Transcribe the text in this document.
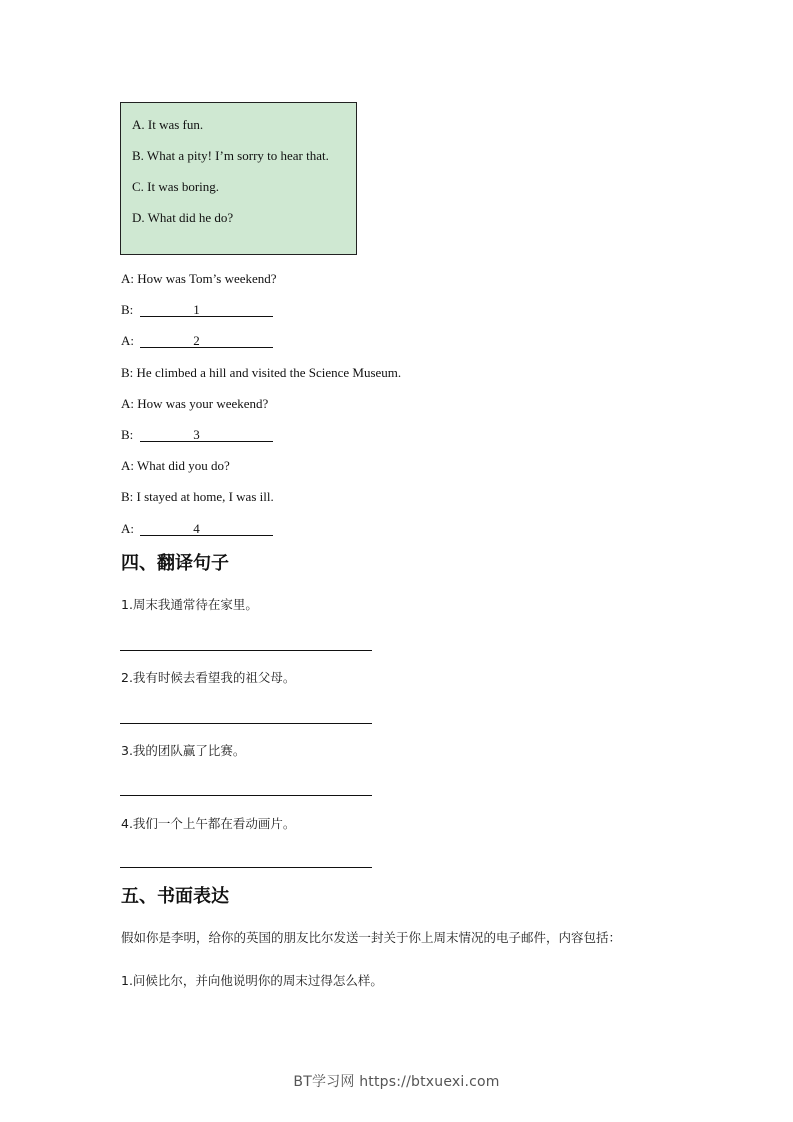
A. It was fun.
B. What a pity! I’m sorry to hear that.
C. It was boring.
D. What did he do?
A: How was Tom’s weekend?
B:	1
A:	2
B: He climbed a hill and visited the Science Museum.
A: How was your weekend?
B:	3
A: What did you do?
B: I stayed at home, I was ill.
A:	4
四、翻译句子
1.周末我通常待在家里。
2.我有时候去看望我的祖父母。
3.我的团队赢了比赛。
4.我们一个上午都在看动画片。
五、书面表达
假如你是李明，给你的英国的朋友比尔发送一封关于你上周末情况的电子邮件，内容包括：
1.问候比尔，并向他说明你的周末过得怎么样。
BT学习网 https://btxuexi.com
